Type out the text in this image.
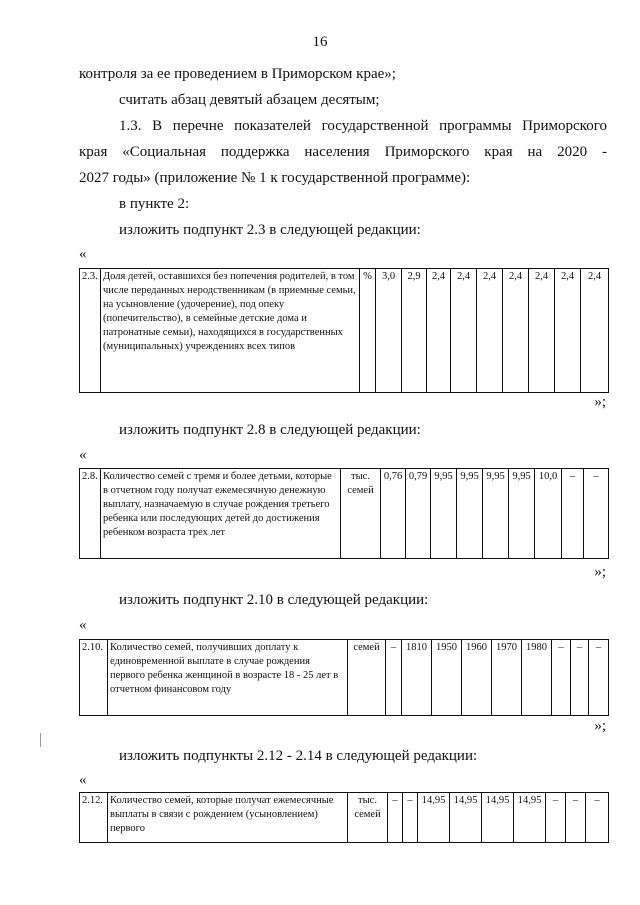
16
контроля за ее проведением в Приморском крае»;
считать абзац девятый абзацем десятым;
1.3. В перечне показателей государственной программы Приморского
края «Социальная поддержка населения Приморского края на 2020 -
2027 годы» (приложение № 1 к государственной программе):
в пункте 2:
изложить подпункт 2.3 в следующей редакции:
«
2.3.	Доля детей, оставшихся без попечения родителей, в том числе переданных неродственникам (в приемные семьи, на усыновление (удочерение), под опеку (попечительство), в семейные детские дома и патронатные семьи), находящихся в государственных (муниципальных) учреждениях всех типов	%	3,0	2,9	2,4	2,4	2,4	2,4	2,4	2,4	2,4
»;
изложить подпункт 2.8 в следующей редакции:
«
2.8.	Количество семей с тремя и более детьми, которые в отчетном году получат ежемесячную денежную выплату, назначаемую в случае рождения третьего ребенка или последующих детей до достижения ребенком возраста трех лет	тыс. семей	0,76	0,79	9,95	9,95	9,95	9,95	10,0	–	–
»;
изложить подпункт 2.10 в следующей редакции:
«
2.10.	Количество семей, получивших доплату к единовременной выплате в случае рождения первого ребенка женщиной в возрасте 18 - 25 лет в отчетном финансовом году	семей	–	1810	1950	1960	1970	1980	–	–	–
»;
изложить подпункты 2.12 - 2.14 в следующей редакции:
«
2.12.	Количество семей, которые получат ежемесячные выплаты в связи с рождением (усыновлением) первого	тыс. семей	–	–	14,95	14,95	14,95	14,95	–	–	–
